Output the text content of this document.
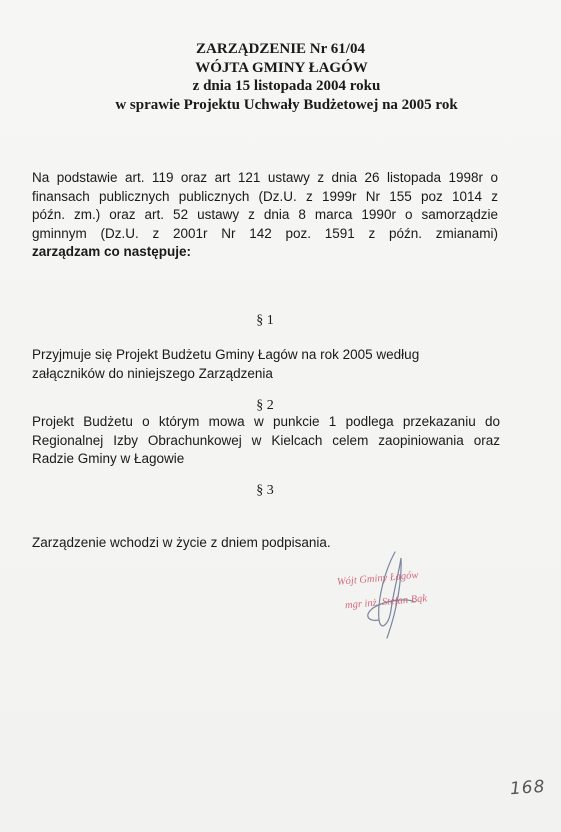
ZARZĄDZENIE Nr 61/04
WÓJTA GMINY ŁAGÓW
z dnia 15 listopada 2004 roku
w sprawie Projektu Uchwały Budżetowej na 2005 rok
Na podstawie art. 119 oraz art 121 ustawy z dnia 26 listopada 1998r o
finansach publicznych publicznych (Dz.U. z 1999r Nr 155 poz 1014 z
późn. zm.) oraz art. 52 ustawy z dnia 8 marca 1990r o samorządzie
gminnym (Dz.U. z 2001r Nr 142 poz. 1591 z późn. zmianami)
zarządzam co następuje:
§ 1
Przyjmuje się Projekt Budżetu Gminy Łagów na rok 2005 według
załączników do niniejszego Zarządzenia
§ 2
Projekt Budżetu o którym mowa w punkcie 1 podlega przekazaniu do
Regionalnej Izby Obrachunkowej w Kielcach celem zaopiniowania oraz
Radzie Gminy w Łagowie
§ 3
Zarządzenie wchodzi w życie z dniem podpisania.
Wójt Gminy Łagów
mgr inż. Stefan Bąk
168
